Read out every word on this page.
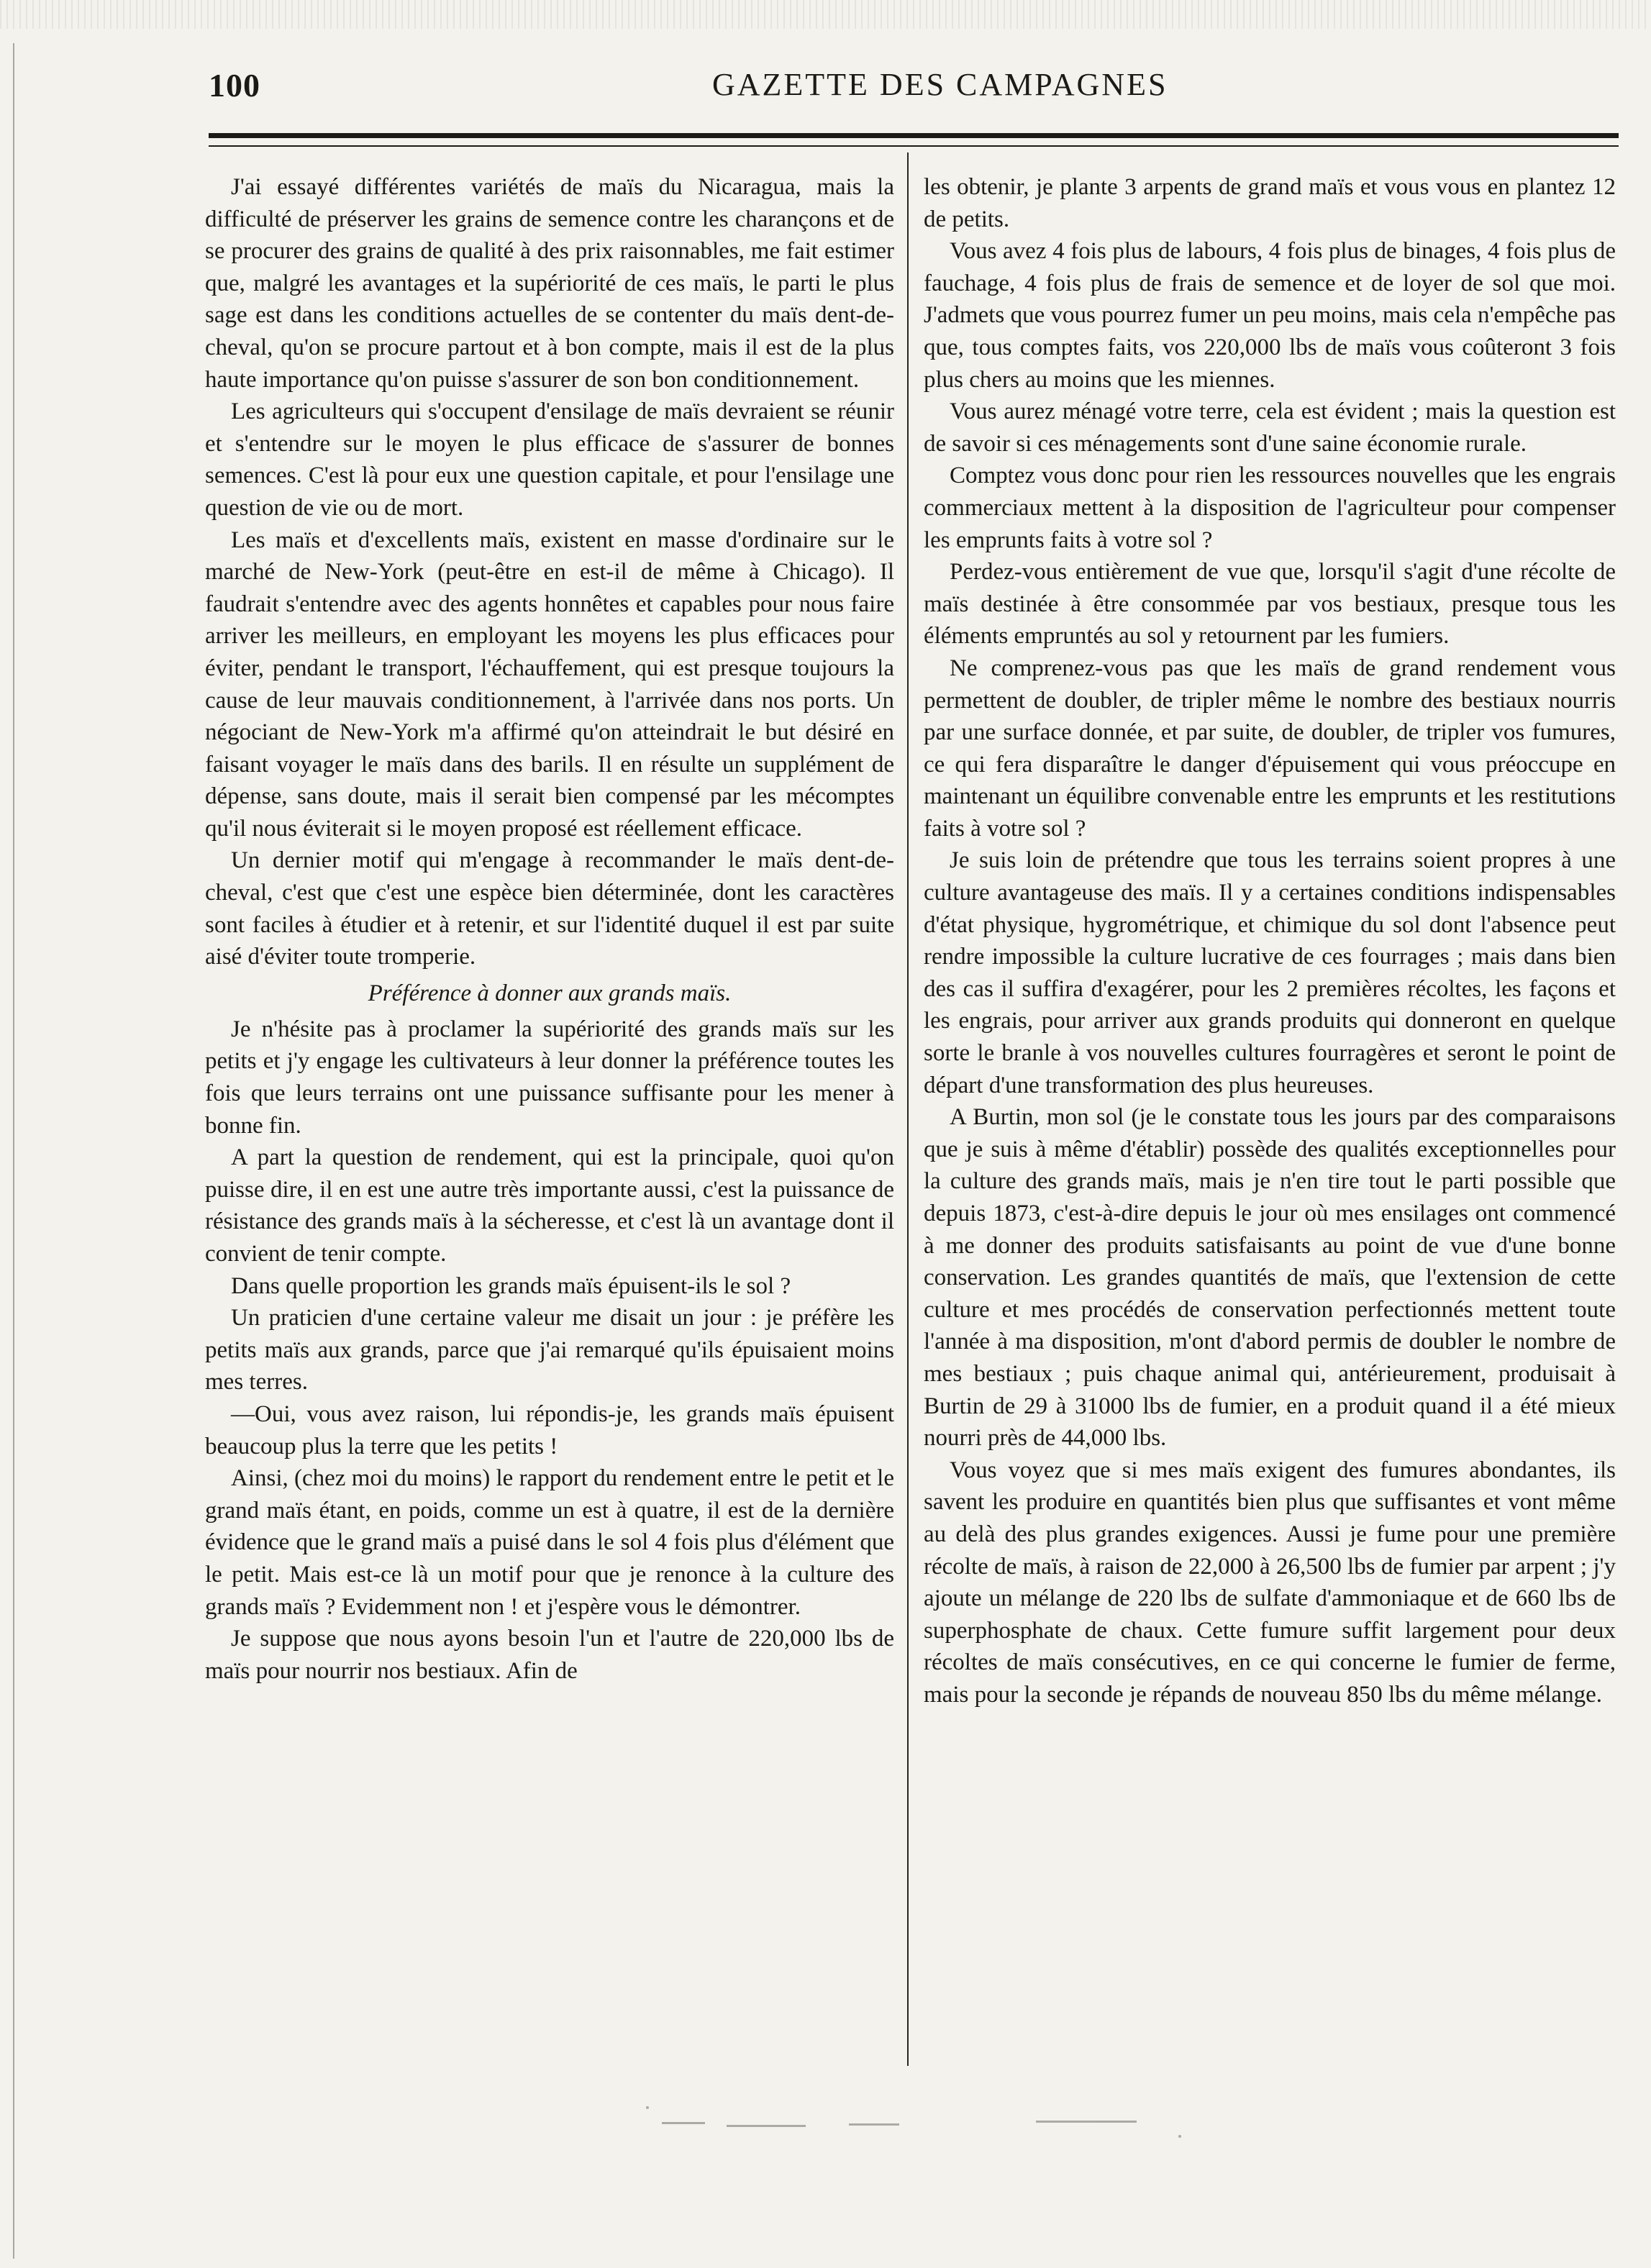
100	GAZETTE DES CAMPAGNES

J'ai essayé différentes variétés de maïs du Nicaragua, mais la difficulté de préserver les grains de semence contre les charançons et de se procurer des grains de qualité à des prix raisonnables, me fait estimer que, malgré les avantages et la supériorité de ces maïs, le parti le plus sage est dans les conditions actuelles de se contenter du maïs dent-de-cheval, qu'on se procure partout et à bon compte, mais il est de la plus haute importance qu'on puisse s'assurer de son bon conditionnement.

Les agriculteurs qui s'occupent d'ensilage de maïs devraient se réunir et s'entendre sur le moyen le plus efficace de s'assurer de bonnes semences. C'est là pour eux une question capitale, et pour l'ensilage une question de vie ou de mort.

Les maïs et d'excellents maïs, existent en masse d'ordinaire sur le marché de New-York (peut-être en est-il de même à Chicago). Il faudrait s'entendre avec des agents honnêtes et capables pour nous faire arriver les meilleurs, en employant les moyens les plus efficaces pour éviter, pendant le transport, l'échauffement, qui est presque toujours la cause de leur mauvais conditionnement, à l'arrivée dans nos ports. Un négociant de New-York m'a affirmé qu'on atteindrait le but désiré en faisant voyager le maïs dans des barils. Il en résulte un supplément de dépense, sans doute, mais il serait bien compensé par les mécomptes qu'il nous éviterait si le moyen proposé est réellement efficace.

Un dernier motif qui m'engage à recommander le maïs dent-de-cheval, c'est que c'est une espèce bien déterminée, dont les caractères sont faciles à étudier et à retenir, et sur l'identité duquel il est par suite aisé d'éviter toute tromperie.

Préférence à donner aux grands maïs.

Je n'hésite pas à proclamer la supériorité des grands maïs sur les petits et j'y engage les cultivateurs à leur donner la préférence toutes les fois que leurs terrains ont une puissance suffisante pour les mener à bonne fin.

A part la question de rendement, qui est la principale, quoi qu'on puisse dire, il en est une autre très importante aussi, c'est la puissance de résistance des grands maïs à la sécheresse, et c'est là un avantage dont il convient de tenir compte.

Dans quelle proportion les grands maïs épuisent-ils le sol ?

Un praticien d'une certaine valeur me disait un jour : je préfère les petits maïs aux grands, parce que j'ai remarqué qu'ils épuisaient moins mes terres.

—Oui, vous avez raison, lui répondis-je, les grands maïs épuisent beaucoup plus la terre que les petits !

Ainsi, (chez moi du moins) le rapport du rendement entre le petit et le grand maïs étant, en poids, comme un est à quatre, il est de la dernière évidence que le grand maïs a puisé dans le sol 4 fois plus d'élément que le petit. Mais est-ce là un motif pour que je renonce à la culture des grands maïs ? Evidemment non ! et j'espère vous le démontrer.

Je suppose que nous ayons besoin l'un et l'autre de 220,000 lbs de maïs pour nourrir nos bestiaux. Afin de

les obtenir, je plante 3 arpents de grand maïs et vous vous en plantez 12 de petits.

Vous avez 4 fois plus de labours, 4 fois plus de binages, 4 fois plus de fauchage, 4 fois plus de frais de semence et de loyer de sol que moi. J'admets que vous pourrez fumer un peu moins, mais cela n'empêche pas que, tous comptes faits, vos 220,000 lbs de maïs vous coûteront 3 fois plus chers au moins que les miennes.

Vous aurez ménagé votre terre, cela est évident ; mais la question est de savoir si ces ménagements sont d'une saine économie rurale.

Comptez vous donc pour rien les ressources nouvelles que les engrais commerciaux mettent à la disposition de l'agriculteur pour compenser les emprunts faits à votre sol ?

Perdez-vous entièrement de vue que, lorsqu'il s'agit d'une récolte de maïs destinée à être consommée par vos bestiaux, presque tous les éléments empruntés au sol y retournent par les fumiers.

Ne comprenez-vous pas que les maïs de grand rendement vous permettent de doubler, de tripler même le nombre des bestiaux nourris par une surface donnée, et par suite, de doubler, de tripler vos fumures, ce qui fera disparaître le danger d'épuisement qui vous préoccupe en maintenant un équilibre convenable entre les emprunts et les restitutions faits à votre sol ?

Je suis loin de prétendre que tous les terrains soient propres à une culture avantageuse des maïs. Il y a certaines conditions indispensables d'état physique, hygrométrique, et chimique du sol dont l'absence peut rendre impossible la culture lucrative de ces fourrages ; mais dans bien des cas il suffira d'exagérer, pour les 2 premières récoltes, les façons et les engrais, pour arriver aux grands produits qui donneront en quelque sorte le branle à vos nouvelles cultures fourragères et seront le point de départ d'une transformation des plus heureuses.

A Burtin, mon sol (je le constate tous les jours par des comparaisons que je suis à même d'établir) possède des qualités exceptionnelles pour la culture des grands maïs, mais je n'en tire tout le parti possible que depuis 1873, c'est-à-dire depuis le jour où mes ensilages ont commencé à me donner des produits satisfaisants au point de vue d'une bonne conservation. Les grandes quantités de maïs, que l'extension de cette culture et mes procédés de conservation perfectionnés mettent toute l'année à ma disposition, m'ont d'abord permis de doubler le nombre de mes bestiaux ; puis chaque animal qui, antérieurement, produisait à Burtin de 29 à 31000 lbs de fumier, en a produit quand il a été mieux nourri près de 44,000 lbs.

Vous voyez que si mes maïs exigent des fumures abondantes, ils savent les produire en quantités bien plus que suffisantes et vont même au delà des plus grandes exigences. Aussi je fume pour une première récolte de maïs, à raison de 22,000 à 26,500 lbs de fumier par arpent ; j'y ajoute un mélange de 220 lbs de sulfate d'ammoniaque et de 660 lbs de superphosphate de chaux. Cette fumure suffit largement pour deux récoltes de maïs consécutives, en ce qui concerne le fumier de ferme, mais pour la seconde je répands de nouveau 850 lbs du même mélange.
